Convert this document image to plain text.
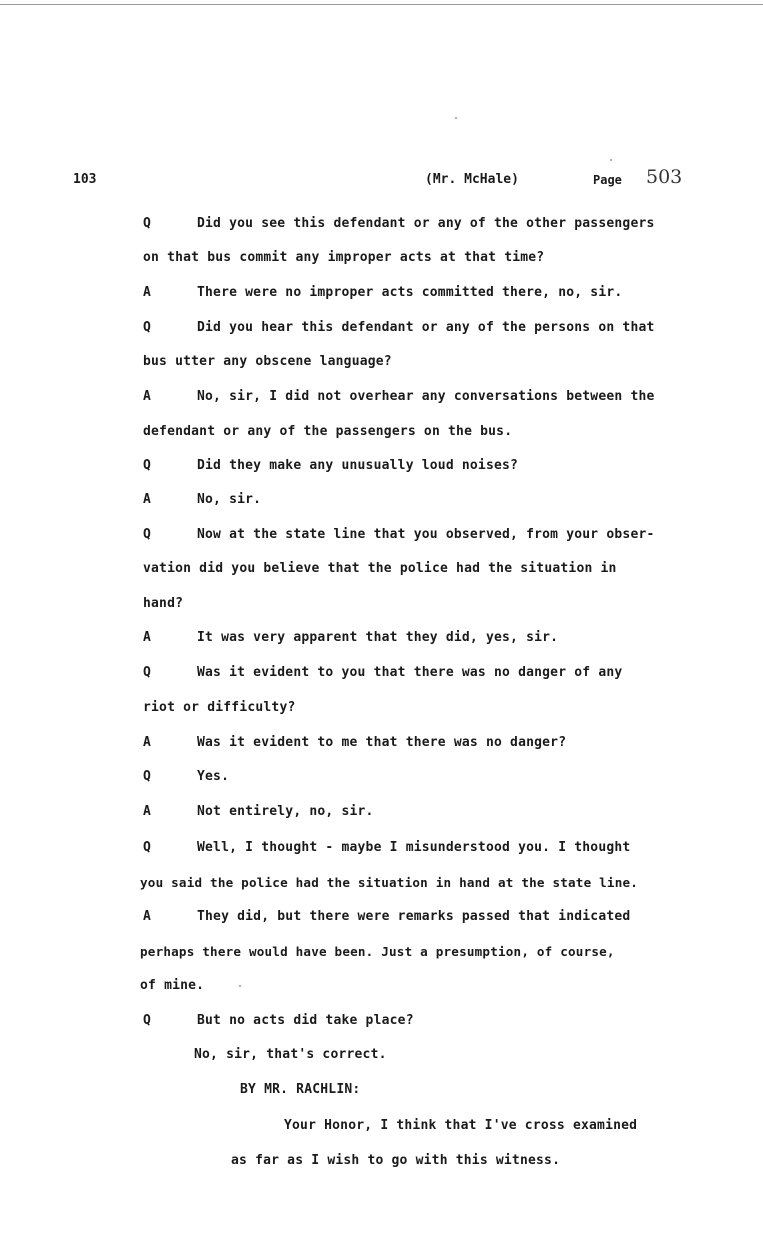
103	(Mr. McHale)	Page 503
Q
Q
A
Q
A
Q
A
Q
A
Q
A
Q
A
Q
A
Did you see this defendant or any of the other passengers
on that bus commit any improper acts at that time?
There were no improper acts committed there, no, sir.
Did you hear this defendant or any of the persons on that
bus utter any obscene language?
No, sir, I did not overhear any conversations between the
defendant or any of the passengers on the bus.
Did they make any unusually loud noises?
No, sir.
Now at the state line that you observed, from your obser-
vation did you believe that the police had the situation in
hand?
It was very apparent that they did, yes, sir.
Was it evident to you that there was no danger of any
riot or difficulty?
Was it evident to me that there was no danger?
Yes.
Not entirely, no, sir.
Well, I thought - maybe I misunderstood you. I thought
you said the police had the situation in hand at the state line.
They did, but there were remarks passed that indicated
perhaps there would have been. Just a presumption, of course,
of mine.
But no acts did take place?
No, sir, that's correct.
BY MR. RACHLIN:
Your Honor, I think that I've cross examined
as far as I wish to go with this witness.
